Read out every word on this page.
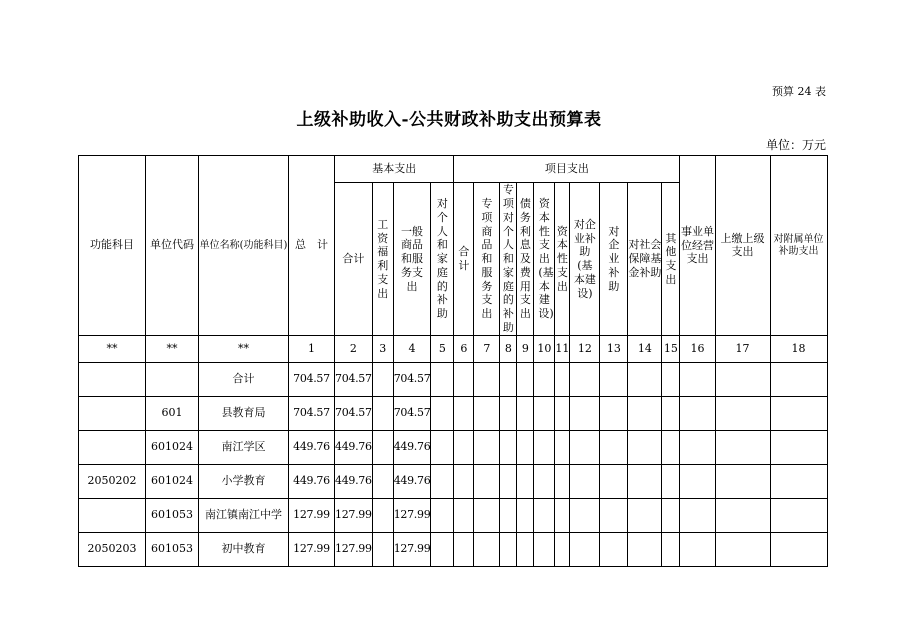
预算 24 表
上级补助收入-公共财政补助支出预算表
单位：万元
功能科目	单位代码	单位名称(功能科目)	总　计	基本支出				项目支出										事业单位经营支出	上缴上级支出	对附属单位补助支出
				合计	工资福利支出	一般商品和服务支出	对个人和家庭的补助	合计	专项商品和服务支出	专项对个人和家庭的补助	债务利息及费用支出	资本性支出(基本建设)	资本性支出	对企业补助(基本建设)	对企业补助	对社会保障基金补助	其他支出			
**	**	**	1	2	3	4	5	6	7	8	9	10	11	12	13	14	15	16	17	18
		合计	704.57	704.57		704.57														
	601	县教育局	704.57	704.57		704.57														
	601024	南江学区	449.76	449.76		449.76														
2050202	601024	小学教育	449.76	449.76		449.76														
	601053	南江镇南江中学	127.99	127.99		127.99														
2050203	601053	初中教育	127.99	127.99		127.99														
